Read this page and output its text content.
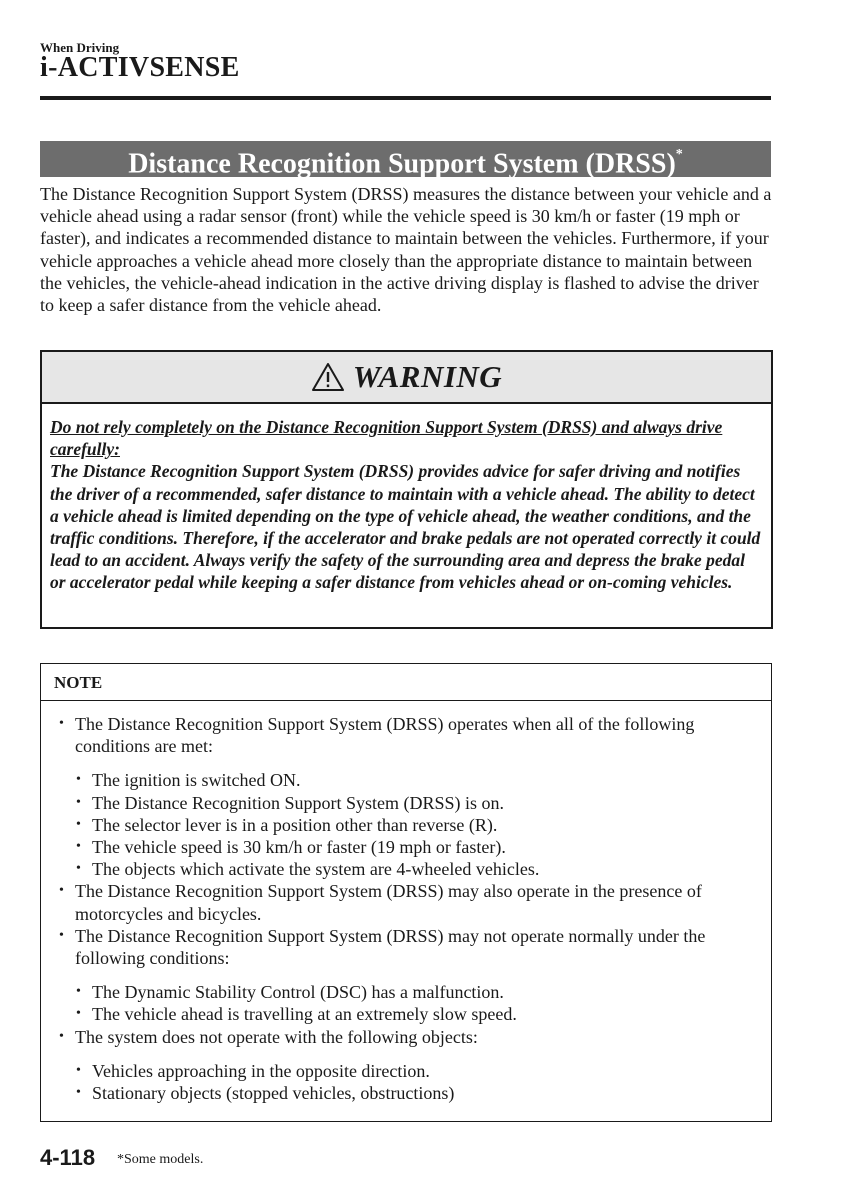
When Driving
i-ACTIVSENSE
Distance Recognition Support System (DRSS)*
The Distance Recognition Support System (DRSS) measures the distance between your vehicle and a vehicle ahead using a radar sensor (front) while the vehicle speed is 30 km/h or faster (19 mph or faster), and indicates a recommended distance to maintain between the vehicles. Furthermore, if your vehicle approaches a vehicle ahead more closely than the appropriate distance to maintain between the vehicles, the vehicle-ahead indication in the active driving display is flashed to advise the driver to keep a safer distance from the vehicle ahead.
WARNING
Do not rely completely on the Distance Recognition Support System (DRSS) and always drive carefully:
The Distance Recognition Support System (DRSS) provides advice for safer driving and notifies the driver of a recommended, safer distance to maintain with a vehicle ahead. The ability to detect a vehicle ahead is limited depending on the type of vehicle ahead, the weather conditions, and the traffic conditions. Therefore, if the accelerator and brake pedals are not operated correctly it could lead to an accident. Always verify the safety of the surrounding area and depress the brake pedal or accelerator pedal while keeping a safer distance from vehicles ahead or on-coming vehicles.
NOTE
• The Distance Recognition Support System (DRSS) operates when all of the following conditions are met:
• The ignition is switched ON.
• The Distance Recognition Support System (DRSS) is on.
• The selector lever is in a position other than reverse (R).
• The vehicle speed is 30 km/h or faster (19 mph or faster).
• The objects which activate the system are 4-wheeled vehicles.
• The Distance Recognition Support System (DRSS) may also operate in the presence of motorcycles and bicycles.
• The Distance Recognition Support System (DRSS) may not operate normally under the following conditions:
• The Dynamic Stability Control (DSC) has a malfunction.
• The vehicle ahead is travelling at an extremely slow speed.
• The system does not operate with the following objects:
• Vehicles approaching in the opposite direction.
• Stationary objects (stopped vehicles, obstructions)
4-118 *Some models.
